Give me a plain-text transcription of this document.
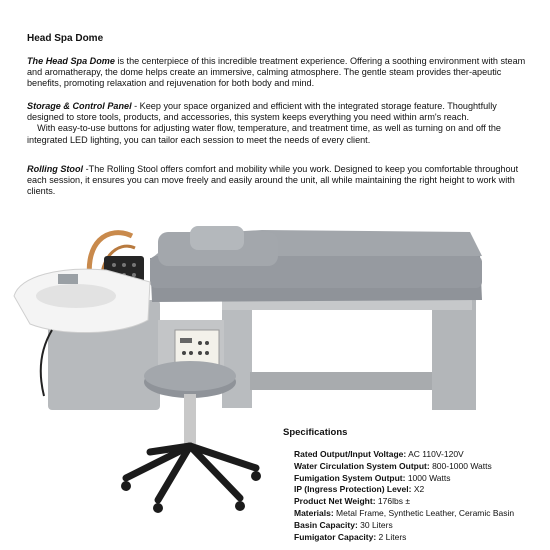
Head Spa Dome

The Head Spa Dome is the centerpiece of this incredible treatment experience. Offering a soothing environment with steam and aromatherapy, the dome helps create an immersive, calming atmosphere. The gentle steam provides ther-apeutic benefits, promoting relaxation and rejuvenation for both body and mind.

Storage & Control Panel - Keep your space organized and efficient with the integrated storage feature. Thoughtfully designed to store tools, products, and accessories, this system keeps everything you need within arm's reach.
With easy-to-use buttons for adjusting water flow, temperature, and treatment time, as well as turning on and off the integrated LED lighting, you can tailor each session to meet the needs of every client.

Rolling Stool -The Rolling Stool offers comfort and mobility while you work. Designed to keep you comfortable throughout each session, it ensures you can move freely and easily around the unit, all while maintaining the right height to work with clients.

Specifications
Rated Output/Input Voltage: AC 110V-120V
Water Circulation System Output: 800-1000 Watts
Fumigation System Output: 1000 Watts
IP (Ingress Protection) Level: X2
Product Net Weight: 176lbs ±
Materials: Metal Frame, Synthetic Leather, Ceramic Basin
Basin Capacity: 30 Liters
Fumigator Capacity: 2 Liters
